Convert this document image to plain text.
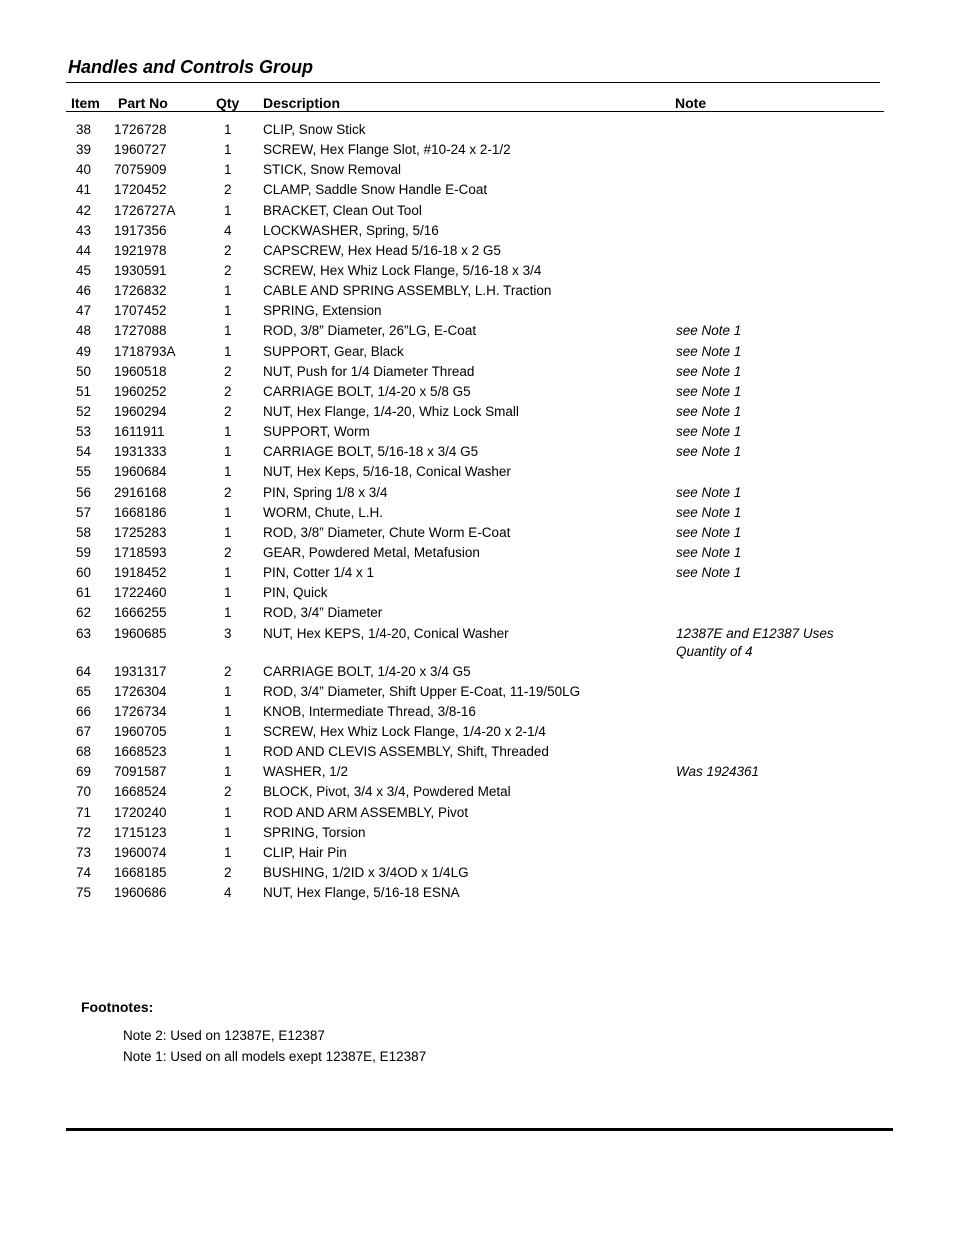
Handles and Controls Group
Item Part No	Qty Description	Note
38 1726728	1 CLIP, Snow Stick
39 1960727	1 SCREW, Hex Flange Slot, #10-24 x 2-1/2
40 7075909	1 STICK, Snow Removal
41 1720452	2 CLAMP, Saddle Snow Handle E-Coat
42 1726727A	1 BRACKET, Clean Out Tool
43 1917356	4 LOCKWASHER, Spring, 5/16
44 1921978	2 CAPSCREW, Hex Head 5/16-18 x 2 G5
45 1930591	2 SCREW, Hex Whiz Lock Flange, 5/16-18 x 3/4
46 1726832	1 CABLE AND SPRING ASSEMBLY, L.H. Traction
47 1707452	1 SPRING, Extension
48 1727088	1 ROD, 3/8” Diameter, 26”LG, E-Coat	see Note 1
49 1718793A	1 SUPPORT, Gear, Black	see Note 1
50 1960518	2 NUT, Push for 1/4 Diameter Thread	see Note 1
51 1960252	2 CARRIAGE BOLT, 1/4-20 x 5/8 G5	see Note 1
52 1960294	2 NUT, Hex Flange, 1/4-20, Whiz Lock Small	see Note 1
53 1611911	1 SUPPORT, Worm	see Note 1
54 1931333	1 CARRIAGE BOLT, 5/16-18 x 3/4 G5	see Note 1
55 1960684	1 NUT, Hex Keps, 5/16-18, Conical Washer
56 2916168	2 PIN, Spring 1/8 x 3/4	see Note 1
57 1668186	1 WORM, Chute, L.H.	see Note 1
58 1725283	1 ROD, 3/8” Diameter, Chute Worm E-Coat	see Note 1
59 1718593	2 GEAR, Powdered Metal, Metafusion	see Note 1
60 1918452	1 PIN, Cotter 1/4 x 1	see Note 1
61 1722460	1 PIN, Quick
62 1666255	1 ROD, 3/4” Diameter
63 1960685	3 NUT, Hex KEPS, 1/4-20, Conical Washer	12387E and E12387 Uses Quantity of 4
64 1931317	2 CARRIAGE BOLT, 1/4-20 x 3/4 G5
65 1726304	1 ROD, 3/4” Diameter, Shift Upper E-Coat, 11-19/50LG
66 1726734	1 KNOB, Intermediate Thread, 3/8-16
67 1960705	1 SCREW, Hex Whiz Lock Flange, 1/4-20 x 2-1/4
68 1668523	1 ROD AND CLEVIS ASSEMBLY, Shift, Threaded
69 7091587	1 WASHER, 1/2	Was 1924361
70 1668524	2 BLOCK, Pivot, 3/4 x 3/4, Powdered Metal
71 1720240	1 ROD AND ARM ASSEMBLY, Pivot
72 1715123	1 SPRING, Torsion
73 1960074	1 CLIP, Hair Pin
74 1668185	2 BUSHING, 1/2ID x 3/4OD x 1/4LG
75 1960686	4 NUT, Hex Flange, 5/16-18 ESNA
Footnotes:
Note 2: Used on 12387E, E12387
Note 1: Used on all models exept 12387E, E12387
